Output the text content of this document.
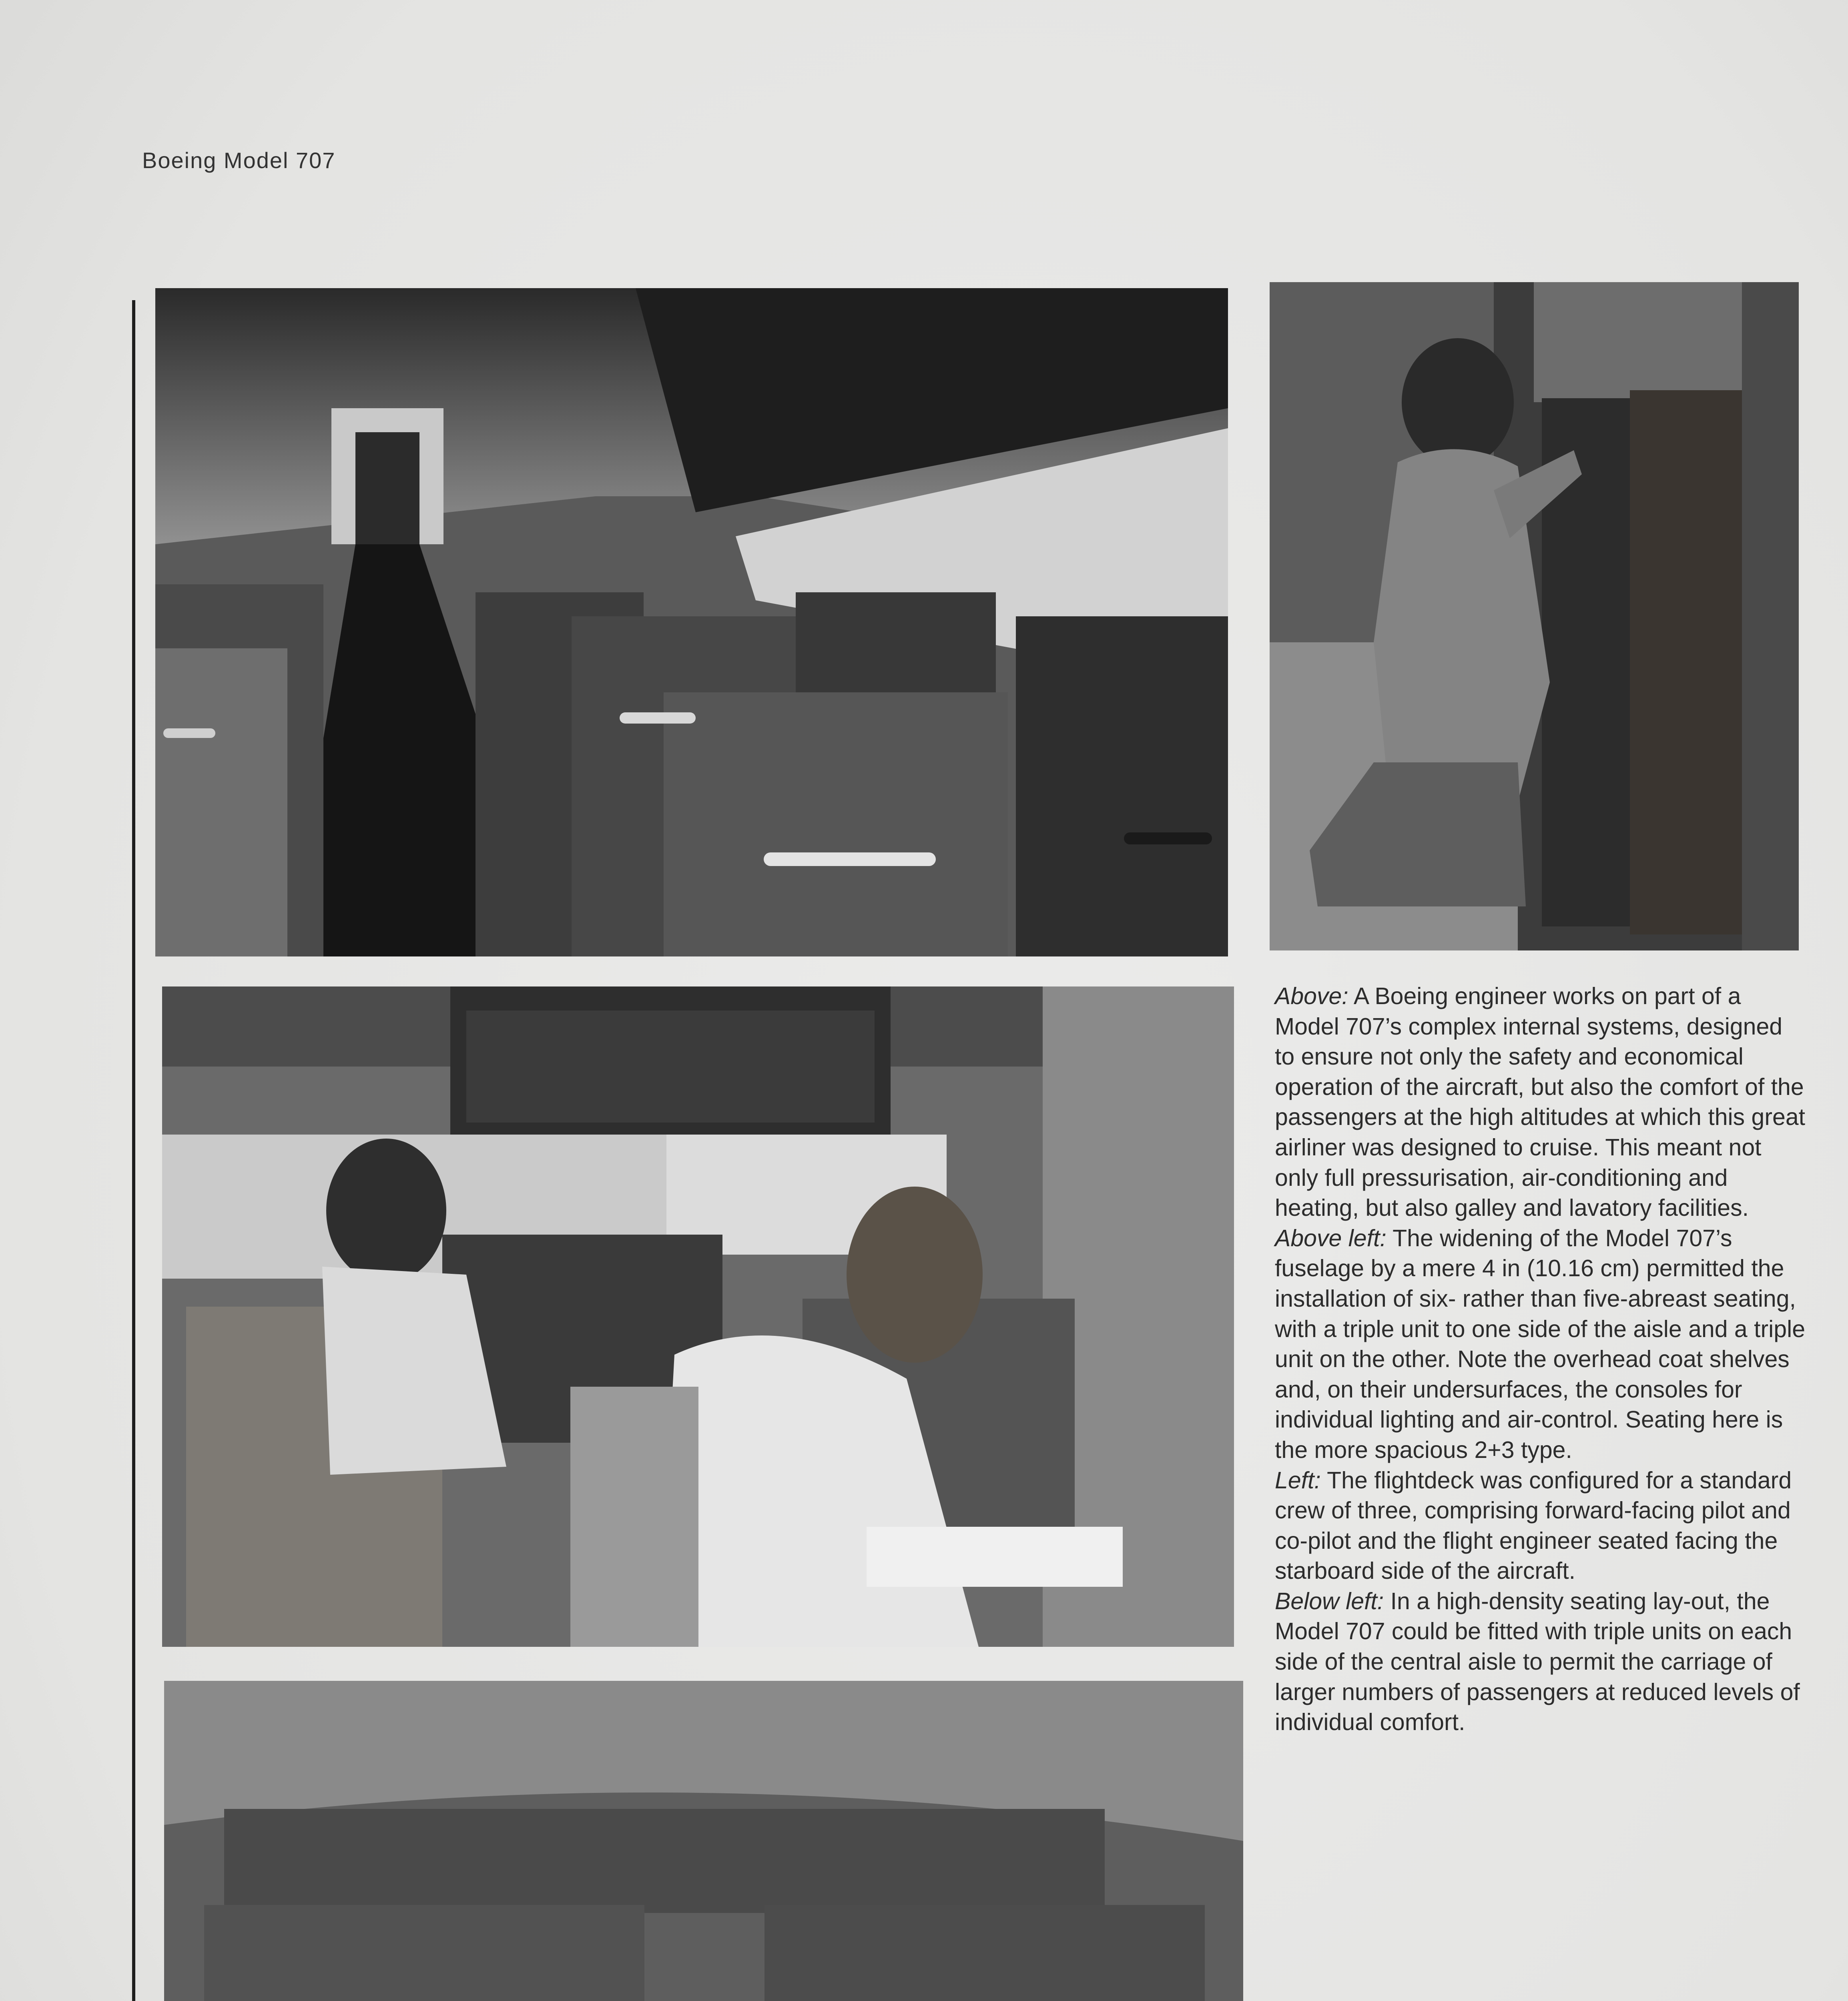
Boeing Model 707

Above: A Boeing engineer works on part of a Model 707’s complex internal systems, designed to ensure not only the safety and economical operation of the aircraft, but also the comfort of the passengers at the high altitudes at which this great airliner was designed to cruise. This meant not only full pressurisation, air-conditioning and heating, but also galley and lavatory facilities.

Above left: The widening of the Model 707’s fuselage by a mere 4 in (10.16 cm) permitted the installation of six- rather than five-abreast seating, with a triple unit to one side of the aisle and a triple unit on the other. Note the overhead coat shelves and, on their undersurfaces, the consoles for individual lighting and air-control. Seating here is the more spacious 2+3 type.

Left: The flightdeck was configured for a standard crew of three, comprising forward-facing pilot and co-pilot and the flight engineer seated facing the starboard side of the aircraft.

Below left: In a high-density seating lay-out, the Model 707 could be fitted with triple units on each side of the central aisle to permit the carriage of larger numbers of passengers at reduced levels of individual comfort.
